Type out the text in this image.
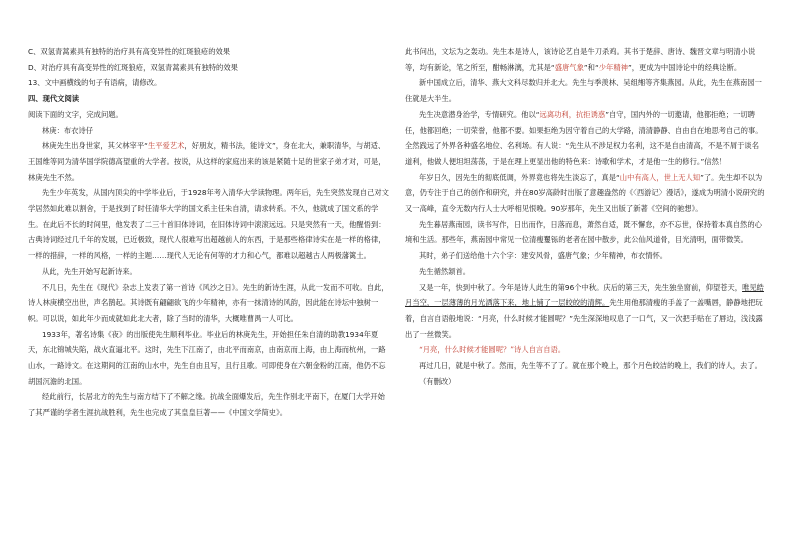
C、双氢青蒿素具有独特的治疗具有高变异性的红斑狼疮的效果

D、对治疗具有高变异性的红斑狼疮，双氢青蒿素具有独特的效果

13、文中画横线的句子有语病，请修改。

四、现代文阅读

阅读下面的文字，完成问题。

林庚：布衣诗仔

林庚先生出身世家，其父林宰平“生平爱艺术，好朋友，精书法，能诗文”，身在北大，兼职清华，与胡适、王国维等同为清华国学院德高望重的大学者。按说，从这样的家庭出来的该是紧随十足的世家子弟才对，可是，林庚先生不然。

先生少年英发，从国内顶尖的中学毕业后，于1928年考入清华大学读物理。两年后，先生突然发现自己对文学居然如此难以割舍，于是找到了时任清华大学的国文系主任朱自清，请求转系。不久，他就成了国文系的学生。在此后不长的时间里，他发表了二三十首旧体诗词，在旧体诗词中滚滚远远。只是突然有一天，他醒悟到：古典诗词经过几千年的发展，已近极致，现代人很难写出超越前人的东西，于是那些格律诗实在是一样的格律，一样的措辞，一样的风格，一样的主题……现代人无论有何等的才力和心气，都难以超越古人两极藩篱土。

从此，先生开始写起新诗来。

不几日，先生在《现代》杂志上发表了第一首诗《风沙之日》。先生的新诗生涯，从此一发而不可收。自此，诗人林庚横空出世，声名鹊起。其诗既有翩翩欲飞的少年精神，亦有一抹清诗的风韵，因此能在诗坛中独树一帜。可以说，如此年少而成就如此北大者，除了当时的清华，大概唯曹禺一人可比。

1933年，著名诗集《夜》的出版使先生顺利毕业。毕业后的林庚先生，开始担任朱自清的助教1934年夏天，东北锦城失陷，战火直逼北平。这时，先生下江南了，由北平而南京，由南京而上海，由上海而杭州，一路山水，一路诗文。在这期间的江南的山水中，先生自由且写，且行且歌。可即使身在六朝金粉的江南，他仍不忘胡国沉澹的北国。

经此前行，长居北方的先生与南方结下了不解之缘。抗战全面爆发后，先生作别北平南下，在厦门大学开始了其严谨的学者生涯抗战胜利，先生也完成了其皇皇巨著——《中国文学简史》。

此书问出，文坛为之轰动。先生本是诗人，该诗论艺自是牛刀杀鸡。其书于楚辞、唐诗、魏晋文章与明清小说等，均有新论，笔之所至，酣畅淋漓，尤其是“盛唐气象”和“少年精神”，更成为中国诗论中的经典诠断。

新中国成立后，清华、燕大文科尽数归并北大。先生与季羡林、吴组缃等齐集燕园。从此，先生在燕南园一住就是大半生。

先生决意潜身治学，专情研究。他以“远离功利，抗拒诱惑”自守，国内外的一切邀请，他都拒绝；一切聘任，他都回绝；一切荣誉，他都不要。如果拒绝为因守着自己的大学路，清清静静、自由自在地思考自己的事。全然践远了外界各种盛名地位、名利场。有人说：“先生从不涉足权力名利，这不是自由清高，不是不屑于谈名道利，他做人便坦坦荡荡，于是在理上更显出他的特色来：诗歌和学术，才是他一生的修行。”信然！

年岁日久，因先生的彻底低调，外界竟也将先生淡忘了，真是“山中有高人，世上无人知”了。先生却不以为意，仍专注于自己的创作和研究，并在80岁高龄时出版了意趣盎然的《〈西游记〉漫话》，遂成为明清小说研究的又一高峰，直令无数内行人士大呼相见恨晚。90岁那年，先生又出版了新著《空间的驰想》。

先生暮居燕南园，读书写作，日出而作，日落而息，萧然自适，既不懈怠，亦不忘世，保持着本真自然的心境和生活。那些年，燕南园中常见一位清瘦矍铄的老者在园中散步，此公仙风道骨，目光清明，面带微笑。

其时，弟子们送给他十六个字：建安风骨，盛唐气象；少年精神，布衣情怀。

先生循然颔首。

又是一年，快到中秋了。今年是诗人此生的第96个中秋。庆后的第三天，先生独坐窗前，仰望苍天，唯见皓月当空，一层薄薄的月光洒落下来，地上铺了一层皎皎的清辉。先生用他那清瘦的手盖了一盖嘴唇，静静地把玩着，自言自语般地说：“月亮，什么时候才能圆呢？”先生深深地叹息了一口气，又一次把手贴在了唇边，浅浅露出了一丝微笑。

“月亮，什么时候才能圆呢？”诗人自言自语。

再过几日，就是中秋了。然而，先生等不了了。就在那个晚上，那个月色皎洁的晚上，我们的诗人，去了。

（有删改）
